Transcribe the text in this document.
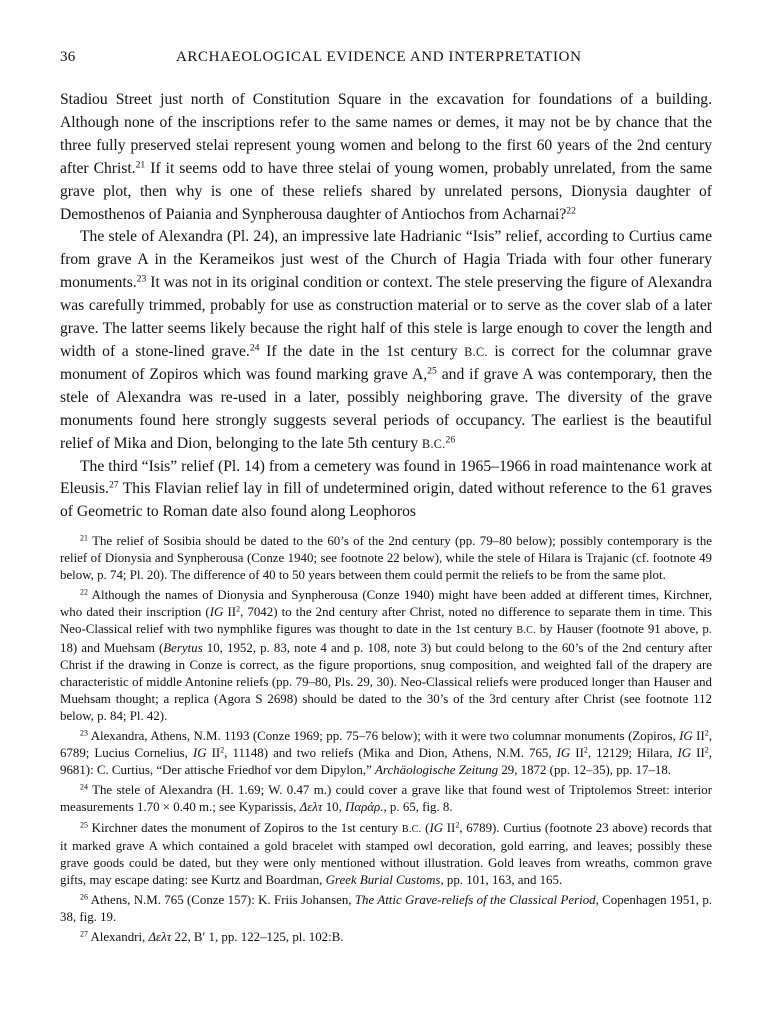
36	ARCHAEOLOGICAL EVIDENCE AND INTERPRETATION

Stadiou Street just north of Constitution Square in the excavation for foundations of a building. Although none of the inscriptions refer to the same names or demes, it may not be by chance that the three fully preserved stelai represent young women and belong to the first 60 years of the 2nd century after Christ.$^{21}$ If it seems odd to have three stelai of young women, probably unrelated, from the same grave plot, then why is one of these reliefs shared by unrelated persons, Dionysia daughter of Demosthenos of Paiania and Synpherousa daughter of Antiochos from Acharnai?$^{22}$

The stele of Alexandra (Pl. 24), an impressive late Hadrianic “Isis” relief, according to Curtius came from grave A in the Kerameikos just west of the Church of Hagia Triada with four other funerary monuments.$^{23}$ It was not in its original condition or context. The stele preserving the figure of Alexandra was carefully trimmed, probably for use as construction material or to serve as the cover slab of a later grave. The latter seems likely because the right half of this stele is large enough to cover the length and width of a stone-lined grave.$^{24}$ If the date in the 1st century B.C. is correct for the columnar grave monument of Zopiros which was found marking grave A,$^{25}$ and if grave A was contemporary, then the stele of Alexandra was re-used in a later, possibly neighboring grave. The diversity of the grave monuments found here strongly suggests several periods of occupancy. The earliest is the beautiful relief of Mika and Dion, belonging to the late 5th century B.C.$^{26}$

The third “Isis” relief (Pl. 14) from a cemetery was found in 1965–1966 in road maintenance work at Eleusis.$^{27}$ This Flavian relief lay in fill of undetermined origin, dated without reference to the 61 graves of Geometric to Roman date also found along Leophoros

$^{21}$ The relief of Sosibia should be dated to the 60’s of the 2nd century (pp. 79–80 below); possibly contemporary is the relief of Dionysia and Synpherousa (Conze 1940; see footnote 22 below), while the stele of Hilara is Trajanic (cf. footnote 49 below, p. 74; Pl. 20). The difference of 40 to 50 years between them could permit the reliefs to be from the same plot.

$^{22}$ Although the names of Dionysia and Synpherousa (Conze 1940) might have been added at different times, Kirchner, who dated their inscription (IG $II^2$, 7042) to the 2nd century after Christ, noted no difference to separate them in time. This Neo-Classical relief with two nymphlike figures was thought to date in the 1st century B.C. by Hauser (footnote 91 above, p. 18) and Muehsam (Berytus 10, 1952, p. 83, note 4 and p. 108, note 3) but could belong to the 60’s of the 2nd century after Christ if the drawing in Conze is correct, as the figure proportions, snug composition, and weighted fall of the drapery are characteristic of middle Antonine reliefs (pp. 79–80, Pls. 29, 30). Neo-Classical reliefs were produced longer than Hauser and Muehsam thought; a replica (Agora S 2698) should be dated to the 30’s of the 3rd century after Christ (see footnote 112 below, p. 84; Pl. 42).

$^{23}$ Alexandra, Athens, N.M. 1193 (Conze 1969; pp. 75–76 below); with it were two columnar monuments (Zopiros, IG $II^2$, 6789; Lucius Cornelius, IG $II^2$, 11148) and two reliefs (Mika and Dion, Athens, N.M. 765, IG $II^2$, 12129; Hilara, IG $II^2$, 9681): C. Curtius, “Der attische Friedhof vor dem Dipylon,” Archäologische Zeitung 29, 1872 (pp. 12–35), pp. 17–18.

$^{24}$ The stele of Alexandra (H. 1.69; W. 0.47 m.) could cover a grave like that found west of Triptolemos Street: interior measurements 1.70 × 0.40 m.; see Kyparissis, Δελτ 10, Παράρ., p. 65, fig. 8.

$^{25}$ Kirchner dates the monument of Zopiros to the 1st century B.C. (IG $II^2$, 6789). Curtius (footnote 23 above) records that it marked grave A which contained a gold bracelet with stamped owl decoration, gold earring, and leaves; possibly these grave goods could be dated, but they were only mentioned without illustration. Gold leaves from wreaths, common grave gifts, may escape dating: see Kurtz and Boardman, Greek Burial Customs, pp. 101, 163, and 165.

$^{26}$ Athens, N.M. 765 (Conze 157): K. Friis Johansen, The Attic Grave-reliefs of the Classical Period, Copenhagen 1951, p. 38, fig. 19.

$^{27}$ Alexandri, Δελτ 22, B′ 1, pp. 122–125, pl. 102:B.
